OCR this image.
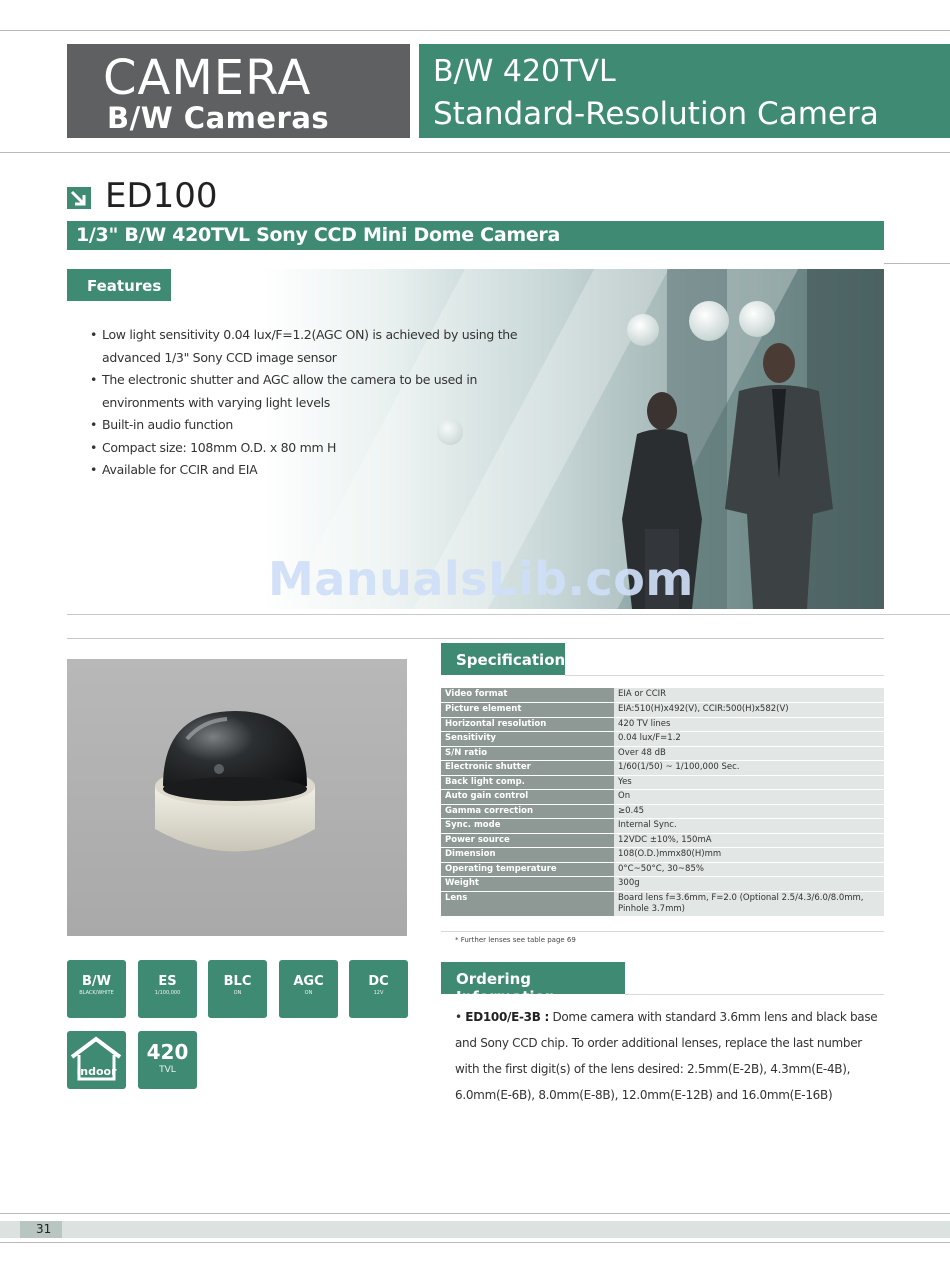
CAMERA
B/W Cameras
B/W 420TVL
Standard-Resolution Camera
ED100
1/3" B/W 420TVL Sony CCD Mini Dome Camera
Features
• Low light sensitivity 0.04 lux/F=1.2(AGC ON) is achieved by using the advanced 1/3" Sony CCD image sensor
• The electronic shutter and AGC allow the camera to be used in environments with varying light levels
• Built-in audio function
• Compact size: 108mm O.D. x 80 mm H
• Available for CCIR and EIA
ManualsLib.com
B/W
BLACK/WHITE
ES
1/100,000
BLC
ON
AGC
ON
DC
12V
indoor
420
TVL
Specification
Video format	EIA or CCIR
Picture element	EIA:510(H)x492(V), CCIR:500(H)x582(V)
Horizontal resolution	420 TV lines
Sensitivity	0.04 lux/F=1.2
S/N ratio	Over 48 dB
Electronic shutter	1/60(1/50) ~ 1/100,000 Sec.
Back light comp.	Yes
Auto gain control	On
Gamma correction	≥0.45
Sync. mode	Internal Sync.
Power source	12VDC ±10%, 150mA
Dimension	108(O.D.)mmx80(H)mm
Operating temperature	0°C~50°C, 30~85%
Weight	300g
Lens	Board lens f=3.6mm, F=2.0 (Optional 2.5/4.3/6.0/8.0mm, Pinhole 3.7mm)
* Further lenses see table page 69
Ordering Information
• ED100/E-3B : Dome camera with standard 3.6mm lens and black base and Sony CCD chip. To order additional lenses, replace the last number with the first digit(s) of the lens desired: 2.5mm(E-2B), 4.3mm(E-4B), 6.0mm(E-6B), 8.0mm(E-8B), 12.0mm(E-12B) and 16.0mm(E-16B)
31
